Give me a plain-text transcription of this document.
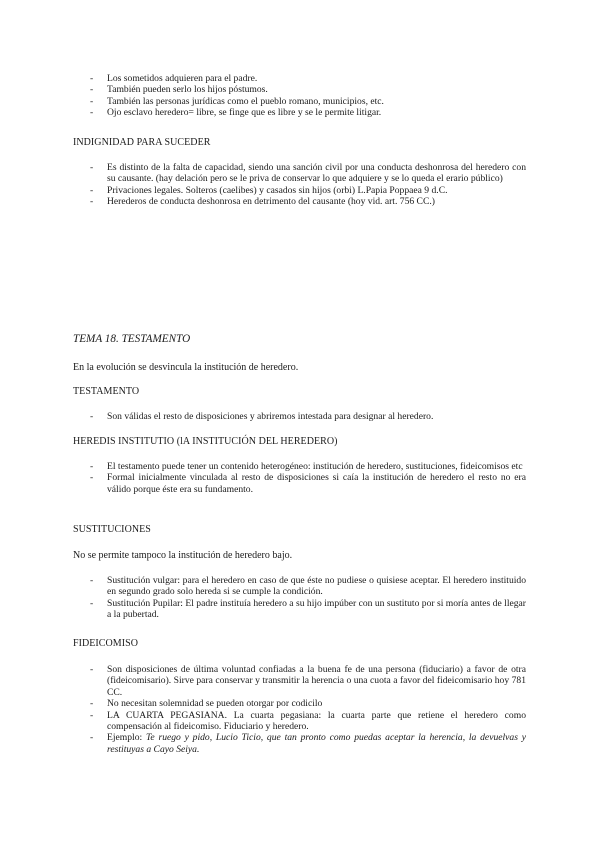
- Los sometidos adquieren para el padre.
- También pueden serlo los hijos póstumos.
- También las personas jurídicas como el pueblo romano, municipios, etc.
- Ojo esclavo heredero= libre, se finge que es libre y se le permite litigar.
INDIGNIDAD PARA SUCEDER
- Es distinto de la falta de capacidad, siendo una sanción civil por una conducta deshonrosa del heredero con su causante. (hay delación pero se le priva de conservar lo que adquiere y se lo queda el erario público)
- Privaciones legales. Solteros (caelibes) y casados sin hijos (orbi) L.Papia Poppaea 9 d.C.
- Herederos de conducta deshonrosa en detrimento del causante (hoy vid. art. 756 CC.)
TEMA 18. TESTAMENTO
En la evolución se desvincula la institución de heredero.
TESTAMENTO
- Son válidas el resto de disposiciones y abriremos intestada para designar al heredero.
HEREDIS INSTITUTIO (lA INSTITUCIÓN DEL HEREDERO)
- El testamento puede tener un contenido heterogéneo: institución de heredero, sustituciones, fideicomisos etc
- Formal inicialmente vinculada al resto de disposiciones si caía la institución de heredero el resto no era válido porque éste era su fundamento.
SUSTITUCIONES
No se permite tampoco la institución de heredero bajo.
- Sustitución vulgar: para el heredero en caso de que éste no pudiese o quisiese aceptar. El heredero instituido en segundo grado solo hereda si se cumple la condición.
- Sustitución Pupilar: El padre instituía heredero a su hijo impúber con un sustituto por si moría antes de llegar a la pubertad.
FIDEICOMISO
- Son disposiciones de última voluntad confiadas a la buena fe de una persona (fiduciario) a favor de otra (fideicomisario). Sirve para conservar y transmitir la herencia o una cuota a favor del fideicomisario hoy 781 CC.
- No necesitan solemnidad se pueden otorgar por codicilo
- LA CUARTA PEGASIANA. La cuarta pegasiana: la cuarta parte que retiene el heredero como compensación al fideicomiso. Fiduciario y heredero.
- Ejemplo: Te ruego y pido, Lucio Ticio, que tan pronto como puedas aceptar la herencia, la devuelvas y restituyas a Cayo Seiya.
